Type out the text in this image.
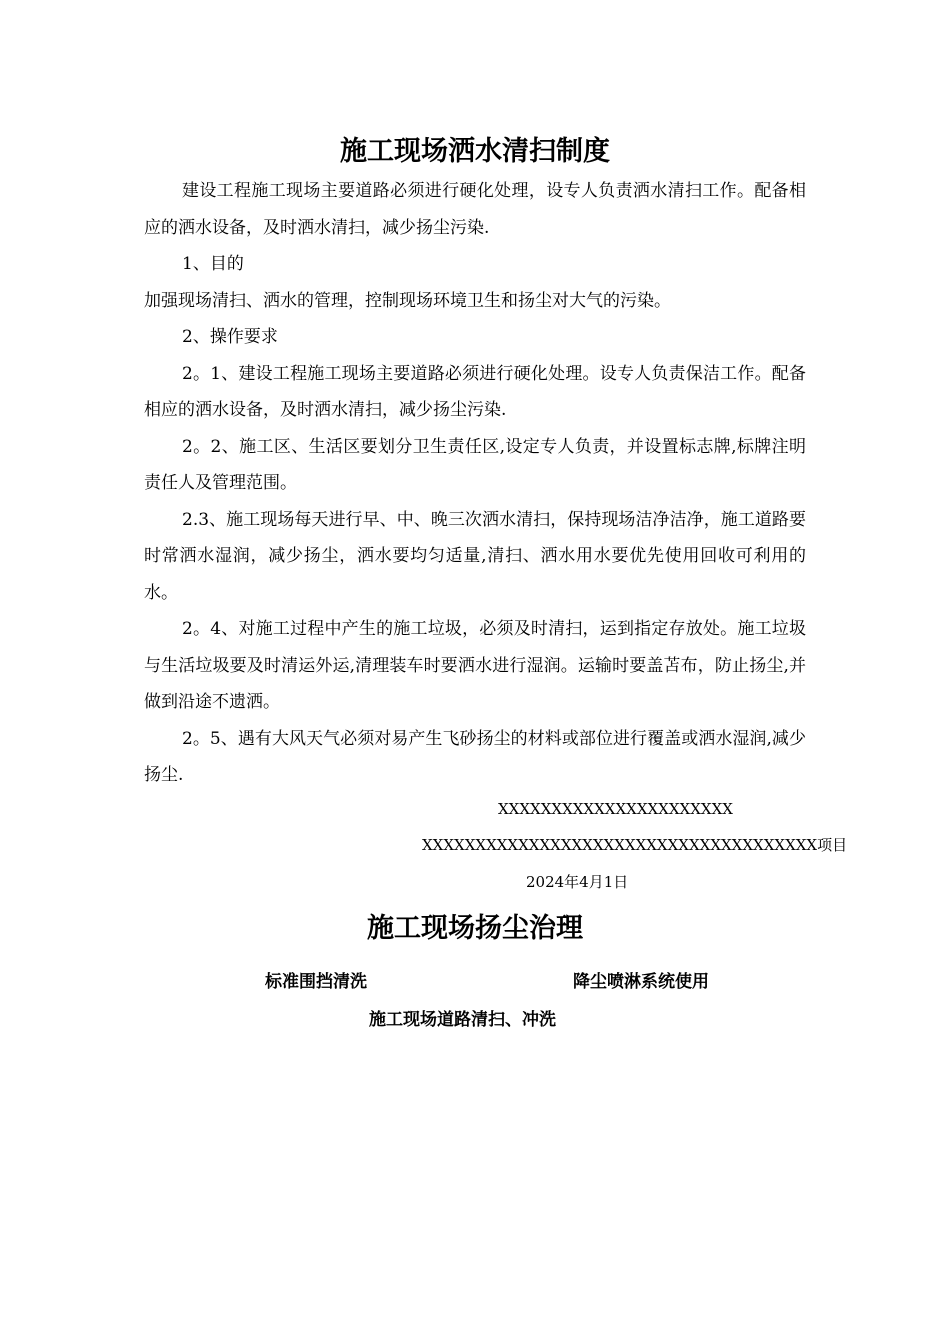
施工现场洒水清扫制度

建设工程施工现场主要道路必须进行硬化处理，设专人负责洒水清扫工作。配备相应的洒水设备，及时洒水清扫，减少扬尘污染.

1、目的

加强现场清扫、洒水的管理，控制现场环境卫生和扬尘对大气的污染。

2、操作要求

2。1、建设工程施工现场主要道路必须进行硬化处理。设专人负责保洁工作。配备相应的洒水设备，及时洒水清扫，减少扬尘污染.

2。2、施工区、生活区要划分卫生责任区,设定专人负责，并设置标志牌,标牌注明责任人及管理范围。

2.3、施工现场每天进行早、中、晚三次洒水清扫，保持现场洁净洁净，施工道路要时常洒水湿润，减少扬尘，洒水要均匀适量,清扫、洒水用水要优先使用回收可利用的水。

2。4、对施工过程中产生的施工垃圾，必须及时清扫，运到指定存放处。施工垃圾与生活垃圾要及时清运外运,清理装车时要洒水进行湿润。运输时要盖苫布，防止扬尘,并做到沿途不遗洒。

2。5、遇有大风天气必须对易产生飞砂扬尘的材料或部位进行覆盖或洒水湿润,减少扬尘.

XXXXXXXXXXXXXXXXXXXXXX
XXXXXXXXXXXXXXXXXXXXXXXXXXXXXXXXXXXXX项目
2024年4月1日
施工现场扬尘治理
标准围挡清洗	降尘喷淋系统使用
施工现场道路清扫、冲洗
